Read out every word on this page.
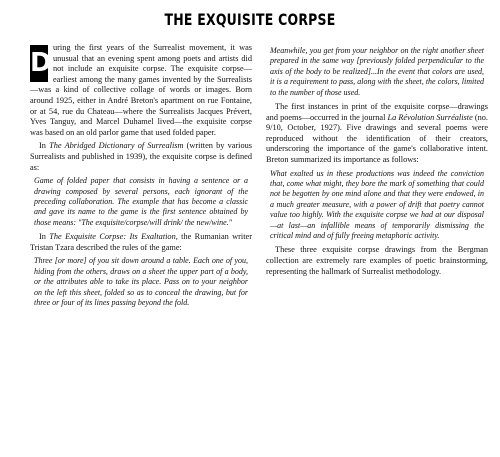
THE EXQUISITE CORPSE

D
uring the first years of the Surrealist movement, it was unusual that an evening spent among poets and artists did not include an exquisite corpse. The exquisite corpse—earliest among the many games invented by the Surrealists—was a kind of collective collage of words or images. Born around 1925, either in André Breton's apartment on rue Fontaine, or at 54, rue du Chateau—where the Surrealists Jacques Prévert, Yves Tanguy, and Marcel Duhamel lived—the exquisite corpse was based on an old parlor game that used folded paper.

In The Abridged Dictionary of Surrealism (written by various Surrealists and published in 1939), the exquisite corpse is defined as:

Game of folded paper that consists in having a sentence or a drawing composed by several persons, each ignorant of the preceding collaboration. The example that has become a classic and gave its name to the game is the first sentence obtained by those means: "The exquisite/corpse/will drink/ the new/wine."

In The Exquisite Corpse: Its Exaltation, the Rumanian writer Tristan Tzara described the rules of the game:

Three [or more] of you sit down around a table. Each one of you, hiding from the others, draws on a sheet the upper part of a body, or the attributes able to take its place. Pass on to your neighbor on the left this sheet, folded so as to conceal the drawing, but for three or four of its lines passing beyond the fold.

Meanwhile, you get from your neighbor on the right another sheet prepared in the same way [previously folded perpendicular to the axis of the body to be realized]...In the event that colors are used, it is a requirement to pass, along with the sheet, the colors, limited to the number of those used.

The first instances in print of the exquisite corpse—drawings and poems—occurred in the journal La Révolution Surréaliste (no. 9/10, October, 1927). Five drawings and several poems were reproduced without the identification of their creators, underscoring the importance of the game's collaborative intent. Breton summarized its importance as follows:

What exalted us in these productions was indeed the conviction that, come what might, they bore the mark of something that could not be begotten by one mind alone and that they were endowed, in a much greater measure, with a power of drift that poetry cannot value too highly. With the exquisite corpse we had at our disposal—at last—an infallible means of temporarily dismissing the critical mind and of fully freeing metaphoric activity.

These three exquisite corpse drawings from the Bergman collection are extremely rare examples of poetic brainstorming, representing the hallmark of Surrealist methodology.
